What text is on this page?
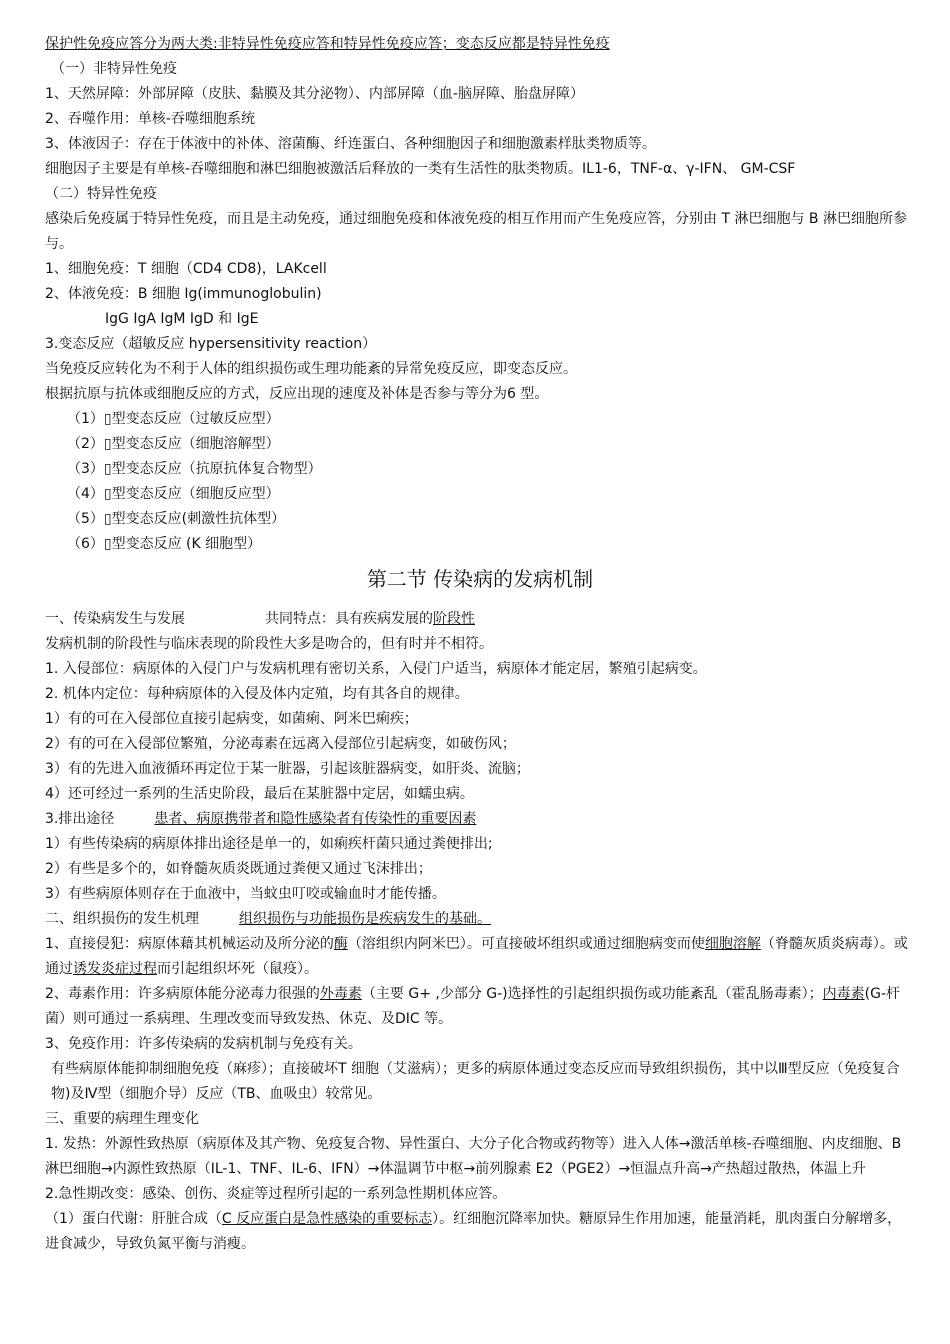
保护性免疫应答分为两大类:非特异性免疫应答和特异性免疫应答；变态反应都是特异性免疫
（一）非特异性免疫
1、天然屏障：外部屏障（皮肤、黏膜及其分泌物）、内部屏障（血-脑屏障、胎盘屏障）
2、吞噬作用：单核-吞噬细胞系统
3、体液因子：存在于体液中的补体、溶菌酶、纤连蛋白、各种细胞因子和细胞激素样肽类物质等。
细胞因子主要是有单核-吞噬细胞和淋巴细胞被激活后释放的一类有生活性的肽类物质。IL1-6，TNF-α、γ-IFN、 GM-CSF
（二）特异性免疫
感染后免疫属于特异性免疫，而且是主动免疫，通过细胞免疫和体液免疫的相互作用而产生免疫应答，分别由 T 淋巴细胞与 B 淋巴细胞所参与。
1、细胞免疫：T 细胞（CD4 CD8)，LAKcell
2、体液免疫：B 细胞 Ig(immunoglobulin)
IgG IgA IgM IgD 和 IgE
3.变态反应（超敏反应 hypersensitivity reaction）
当免疫反应转化为不利于人体的组织损伤或生理功能紊的异常免疫反应，即变态反应。
根据抗原与抗体或细胞反应的方式，反应出现的速度及补体是否参与等分为6 型。
（1）▯型变态反应（过敏反应型）
（2）▯型变态反应（细胞溶解型）
（3）▯型变态反应（抗原抗体复合物型）
（4）▯型变态反应（细胞反应型）
（5）▯型变态反应(刺激性抗体型）
（6）▯型变态反应 (K 细胞型）
第二节 传染病的发病机制
一、传染病发生与发展	共同特点：具有疾病发展的阶段性
发病机制的阶段性与临床表现的阶段性大多是吻合的，但有时并不相符。
1. 入侵部位：病原体的入侵门户与发病机理有密切关系，入侵门户适当，病原体才能定居，繁殖引起病变。
2. 机体内定位：每种病原体的入侵及体内定殖，均有其各自的规律。
1）有的可在入侵部位直接引起病变，如菌痢、阿米巴痢疾；
2）有的可在入侵部位繁殖，分泌毒素在远离入侵部位引起病变，如破伤风；
3）有的先进入血液循环再定位于某一脏器，引起该脏器病变，如肝炎、流脑；
4）还可经过一系列的生活史阶段，最后在某脏器中定居，如蠕虫病。
3.排出途径	患者、病原携带者和隐性感染者有传染性的重要因素
1）有些传染病的病原体排出途径是单一的，如痢疾杆菌只通过粪便排出;
2）有些是多个的，如脊髓灰质炎既通过粪便又通过飞沫排出；
3）有些病原体则存在于血液中，当蚊虫叮咬或输血时才能传播。
二、组织损伤的发生机理	组织损伤与功能损伤是疾病发生的基础。
1、直接侵犯：病原体藉其机械运动及所分泌的酶（溶组织内阿米巴）。可直接破坏组织或通过细胞病变而使细胞溶解（脊髓灰质炎病毒）。或通过诱发炎症过程而引起组织坏死（鼠疫）。
2、毒素作用：许多病原体能分泌毒力很强的外毒素（主要 G+ ,少部分 G-)选择性的引起组织损伤或功能紊乱（霍乱肠毒素）；内毒素(G-杆菌）则可通过一系病理、生理改变而导致发热、休克、及DIC 等。
3、免疫作用：许多传染病的发病机制与免疫有关。
有些病原体能抑制细胞免疫（麻疹）；直接破坏T 细胞（艾滋病）；更多的病原体通过变态反应而导致组织损伤，其中以Ⅲ型反应（免疫复合物)及Ⅳ型（细胞介导）反应（TB、血吸虫）较常见。
三、重要的病理生理变化
1. 发热：外源性致热原（病原体及其产物、免疫复合物、异性蛋白、大分子化合物或药物等）进入人体→激活单核-吞噬细胞、内皮细胞、B 淋巴细胞→内源性致热原（IL-1、TNF、IL-6、IFN）→体温调节中枢→前列腺素 E2（PGE2）→恒温点升高→产热超过散热，体温上升
2.急性期改变：感染、创伤、炎症等过程所引起的一系列急性期机体应答。
（1）蛋白代谢：肝脏合成（C 反应蛋白是急性感染的重要标志）。红细胞沉降率加快。糖原异生作用加速，能量消耗，肌肉蛋白分解增多，进食减少，导致负氮平衡与消瘦。
